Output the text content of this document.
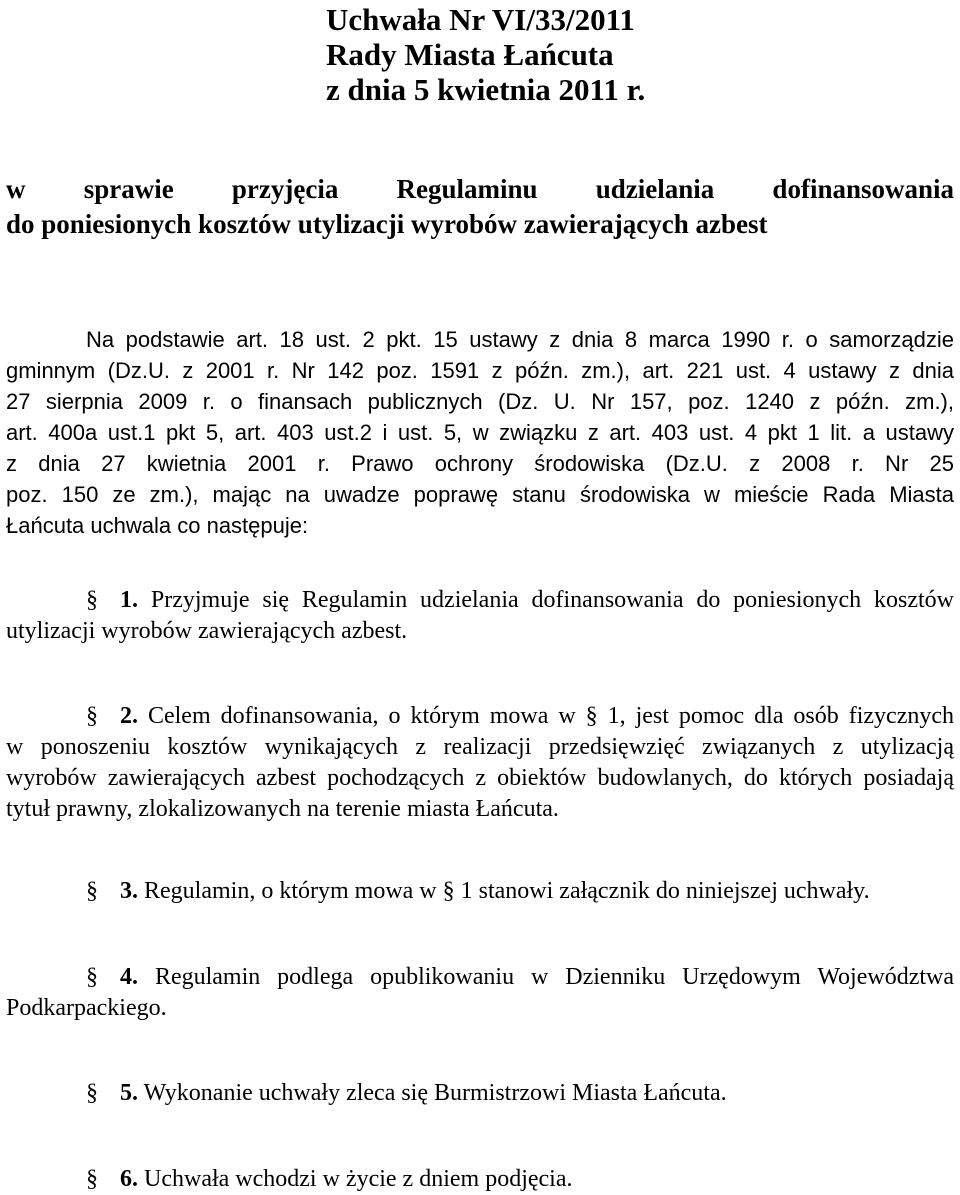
Uchwała Nr VI/33/2011
Rady Miasta Łańcuta
z dnia 5 kwietnia 2011 r.
w sprawie przyjęcia Regulaminu udzielania dofinansowania
do poniesionych kosztów utylizacji wyrobów zawierających azbest
Na podstawie art. 18 ust. 2 pkt. 15 ustawy z dnia 8 marca 1990 r. o samorządzie
gminnym (Dz.U. z 2001 r. Nr 142 poz. 1591 z późn. zm.), art. 221 ust. 4 ustawy z dnia
27 sierpnia 2009 r. o finansach publicznych (Dz. U. Nr 157, poz. 1240 z późn. zm.),
art. 400a ust.1 pkt 5, art. 403 ust.2 i ust. 5, w związku z art. 403 ust. 4 pkt 1 lit. a ustawy
z dnia 27 kwietnia 2001 r. Prawo ochrony środowiska (Dz.U. z 2008 r. Nr 25
poz. 150 ze zm.), mając na uwadze poprawę stanu środowiska w mieście Rada Miasta
Łańcuta uchwala co następuje:
§ 1. Przyjmuje się Regulamin udzielania dofinansowania do poniesionych kosztów
utylizacji wyrobów zawierających azbest.
§ 2. Celem dofinansowania, o którym mowa w § 1, jest pomoc dla osób fizycznych
w ponoszeniu kosztów wynikających z realizacji przedsięwzięć związanych z utylizacją
wyrobów zawierających azbest pochodzących z obiektów budowlanych, do których posiadają
tytuł prawny, zlokalizowanych na terenie miasta Łańcuta.
§ 3. Regulamin, o którym mowa w § 1 stanowi załącznik do niniejszej uchwały.
§ 4. Regulamin podlega opublikowaniu w Dzienniku Urzędowym Województwa
Podkarpackiego.
§ 5. Wykonanie uchwały zleca się Burmistrzowi Miasta Łańcuta.
§ 6. Uchwała wchodzi w życie z dniem podjęcia.
